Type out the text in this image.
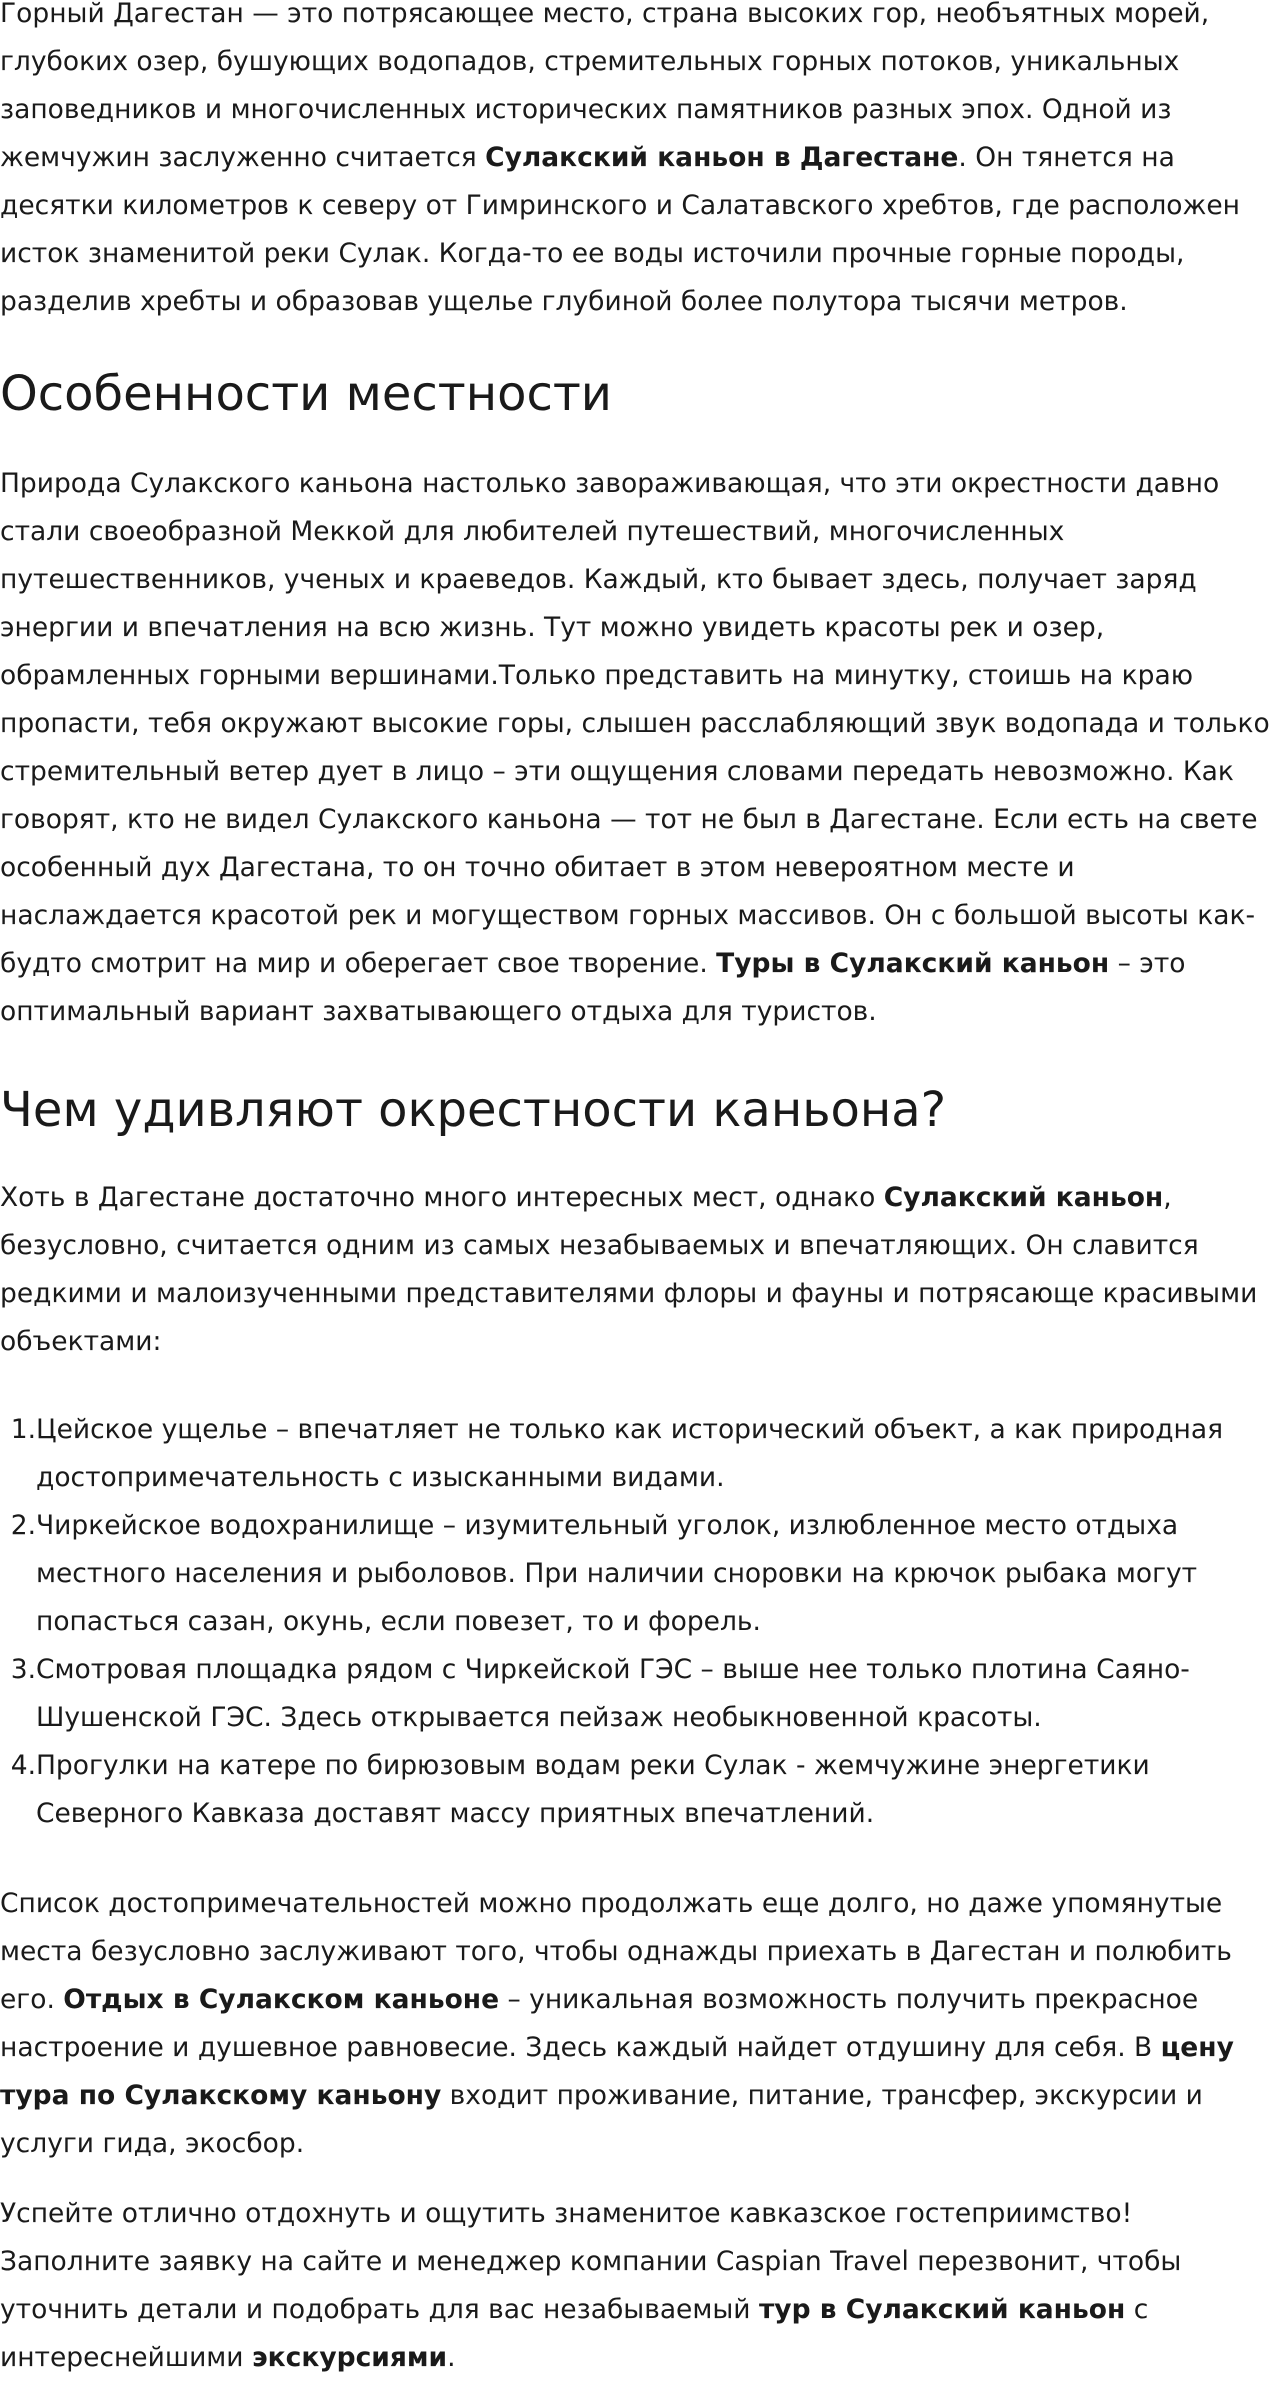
Горный Дагестан — это потрясающее место, страна высоких гор, необъятных морей, глубоких озер, бушующих водопадов, стремительных горных потоков, уникальных заповедников и многочисленных исторических памятников разных эпох. Одной из жемчужин заслуженно считается Сулакский каньон в Дагестане. Он тянется на десятки километров к северу от Гимринского и Салатавского хребтов, где расположен исток знаменитой реки Сулак. Когда-то ее воды источили прочные горные породы, разделив хребты и образовав ущелье глубиной более полутора тысячи метров.

Особенности местности

Природа Сулакского каньона настолько завораживающая, что эти окрестности давно стали своеобразной Меккой для любителей путешествий, многочисленных путешественников, ученых и краеведов. Каждый, кто бывает здесь, получает заряд энергии и впечатления на всю жизнь. Тут можно увидеть красоты рек и озер, обрамленных горными вершинами.Только представить на минутку, стоишь на краю пропасти, тебя окружают высокие горы, слышен расслабляющий звук водопада и только стремительный ветер дует в лицо – эти ощущения словами передать невозможно. Как говорят, кто не видел Сулакского каньона — тот не был в Дагестане. Если есть на свете особенный дух Дагестана, то он точно обитает в этом невероятном месте и наслаждается красотой рек и могуществом горных массивов. Он с большой высоты как- будто смотрит на мир и оберегает свое творение. Туры в Сулакский каньон – это оптимальный вариант захватывающего отдыха для туристов.

Чем удивляют окрестности каньона?

Хоть в Дагестане достаточно много интересных мест, однако Сулакский каньон, безусловно, считается одним из самых незабываемых и впечатляющих. Он славится редкими и малоизученными представителями флоры и фауны и потрясающе красивыми объектами:

1. Цейское ущелье – впечатляет не только как исторический объект, а как природная достопримечательность с изысканными видами.
2. Чиркейское водохранилище – изумительный уголок, излюбленное место отдыха местного населения и рыболовов. При наличии сноровки на крючок рыбака могут попасться сазан, окунь, если повезет, то и форель.
3. Смотровая площадка рядом с Чиркейской ГЭС – выше нее только плотина Саяно-Шушенской ГЭС. Здесь открывается пейзаж необыкновенной красоты.
4. Прогулки на катере по бирюзовым водам реки Сулак - жемчужине энергетики Северного Кавказа доставят массу приятных впечатлений.

Список достопримечательностей можно продолжать еще долго, но даже упомянутые места безусловно заслуживают того, чтобы однажды приехать в Дагестан и полюбить его. Отдых в Сулакском каньоне – уникальная возможность получить прекрасное настроение и душевное равновесие. Здесь каждый найдет отдушину для себя. В цену тура по Сулакскому каньону входит проживание, питание, трансфер, экскурсии и услуги гида, экосбор.

Успейте отлично отдохнуть и ощутить знаменитое кавказское гостеприимство!Заполните заявку на сайте и менеджер компании Caspian Travel перезвонит, чтобы уточнить детали и подобрать для вас незабываемый тур в Сулакский каньон с интереснейшими экскурсиями.
